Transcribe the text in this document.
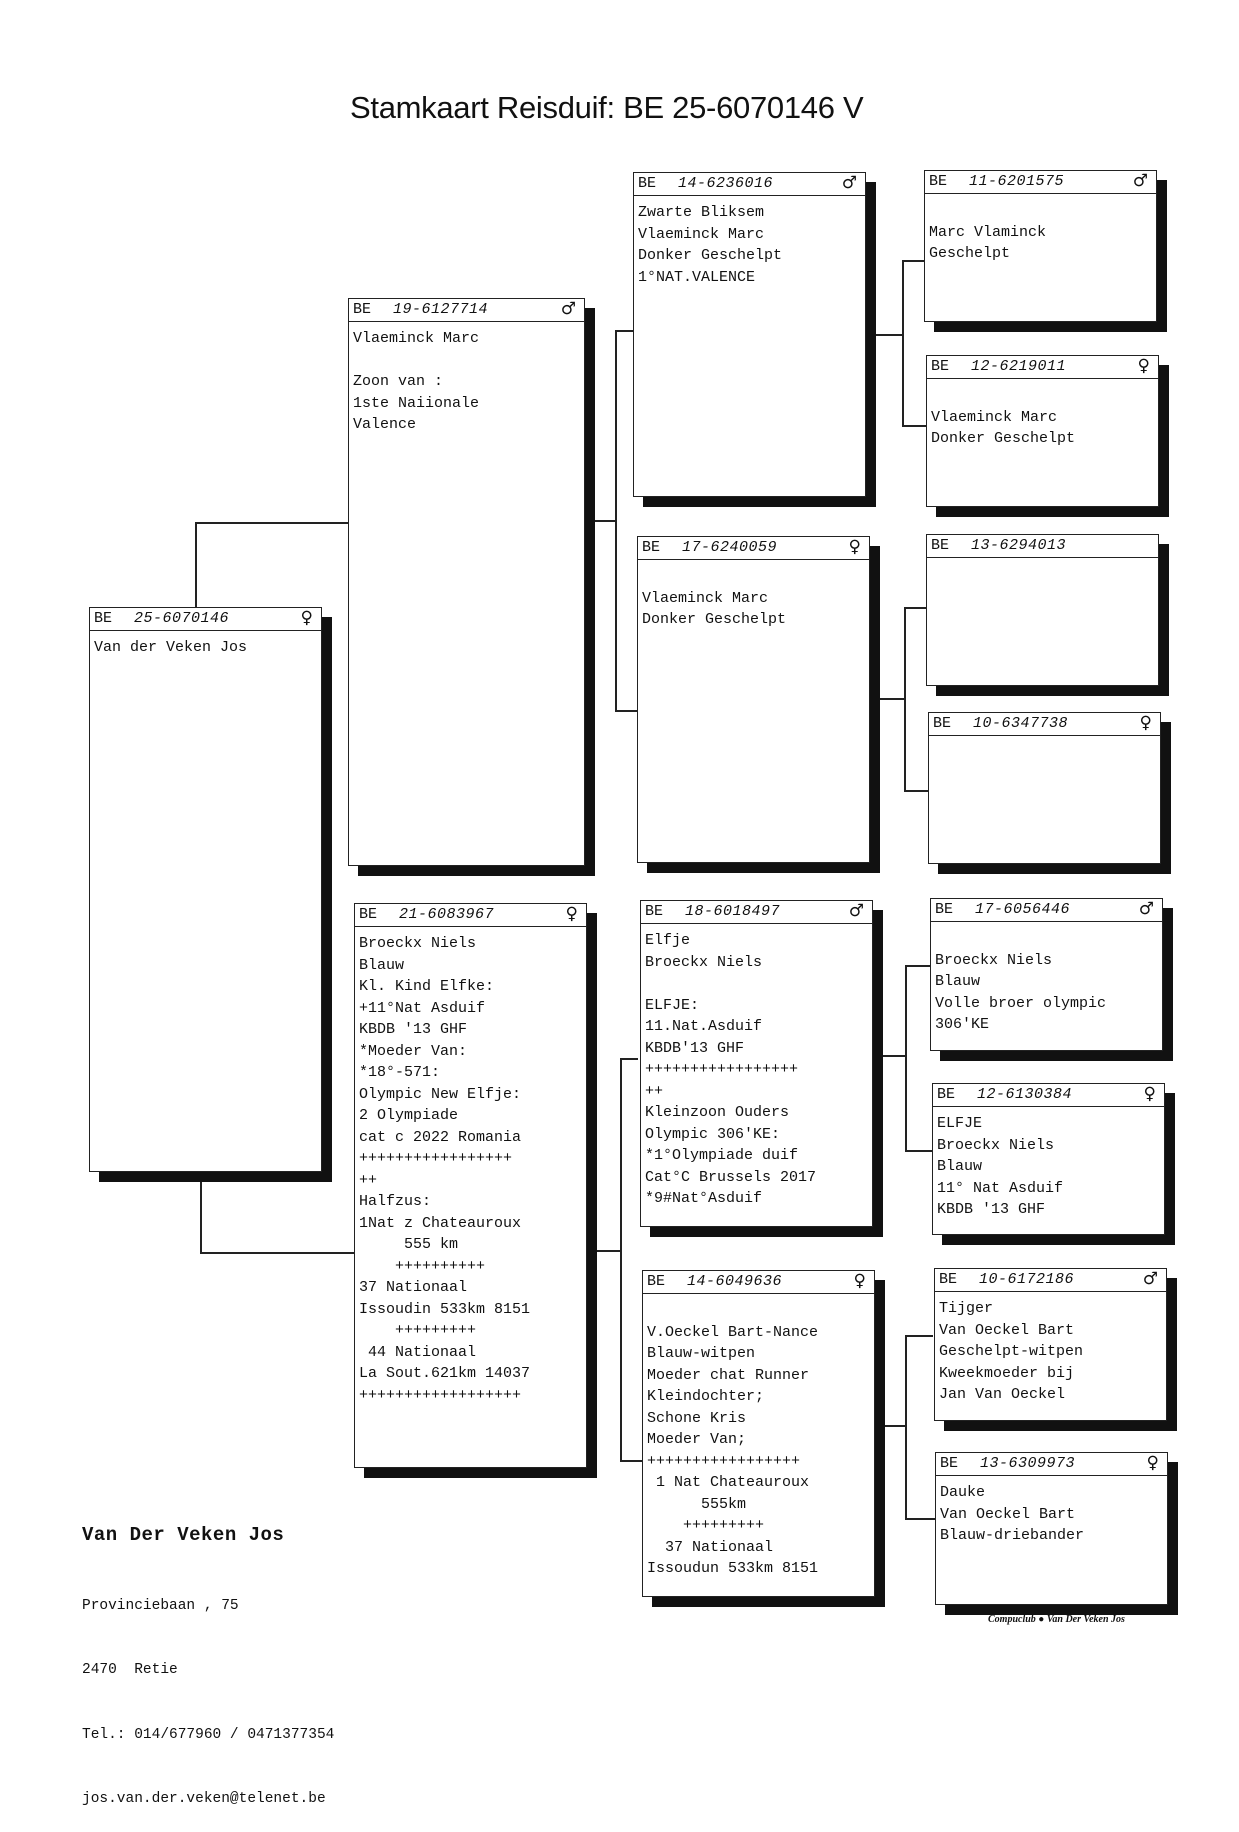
Stamkaart Reisduif: BE 25-6070146 V
BE 25-6070146	♀
Van der Veken Jos
BE 19-6127714	♂
Vlaeminck Marc

Zoon van :
1ste Naiionale
Valence
BE 21-6083967	♀
Broeckx Niels
Blauw
Kl. Kind Elfke:
+11°Nat Asduif
KBDB '13 GHF
*Moeder Van:
*18°-571:
Olympic New Elfje:
2 Olympiade
cat c 2022 Romania
+++++++++++++++++
++
Halfzus:
1Nat z Chateauroux
555 km
++++++++++
37 Nationaal
Issoudin 533km 8151
+++++++++
44 Nationaal
La Sout.621km 14037
++++++++++++++++++
BE 14-6236016	♂
Zwarte Bliksem
Vlaeminck Marc
Donker Geschelpt
1°NAT.VALENCE
BE 17-6240059	♀

Vlaeminck Marc
Donker Geschelpt
BE 18-6018497	♂
Elfje
Broeckx Niels

ELFJE:
11.Nat.Asduif
KBDB'13 GHF
+++++++++++++++++
++
Kleinzoon Ouders
Olympic 306'KE:
*1°Olympiade duif
Cat°C Brussels 2017
*9#Nat°Asduif
BE 14-6049636	♀

V.Oeckel Bart-Nance
Blauw-witpen
Moeder chat Runner
Kleindochter;
Schone Kris
Moeder Van;
+++++++++++++++++
1 Nat Chateauroux
555km
+++++++++
37 Nationaal
Issoudun 533km 8151
BE 11-6201575	♂

Marc Vlaminck
Geschelpt
BE 12-6219011	♀

Vlaeminck Marc
Donker Geschelpt
BE 13-6294013
BE 10-6347738	♀
BE 17-6056446	♂

Broeckx Niels
Blauw
Volle broer olympic
306'KE
BE 12-6130384	♀
ELFJE
Broeckx Niels
Blauw
11° Nat Asduif
KBDB '13 GHF
BE 10-6172186	♂
Tijger
Van Oeckel Bart
Geschelpt-witpen
Kweekmoeder bij
Jan Van Oeckel
BE 13-6309973	♀
Dauke
Van Oeckel Bart
Blauw-driebander

Van Der Veken Jos

Provinciebaan , 75

2470  Retie

Tel.: 014/677960 / 0471377354

jos.van.der.veken@telenet.be

Compuclub ● Van Der Veken Jos
